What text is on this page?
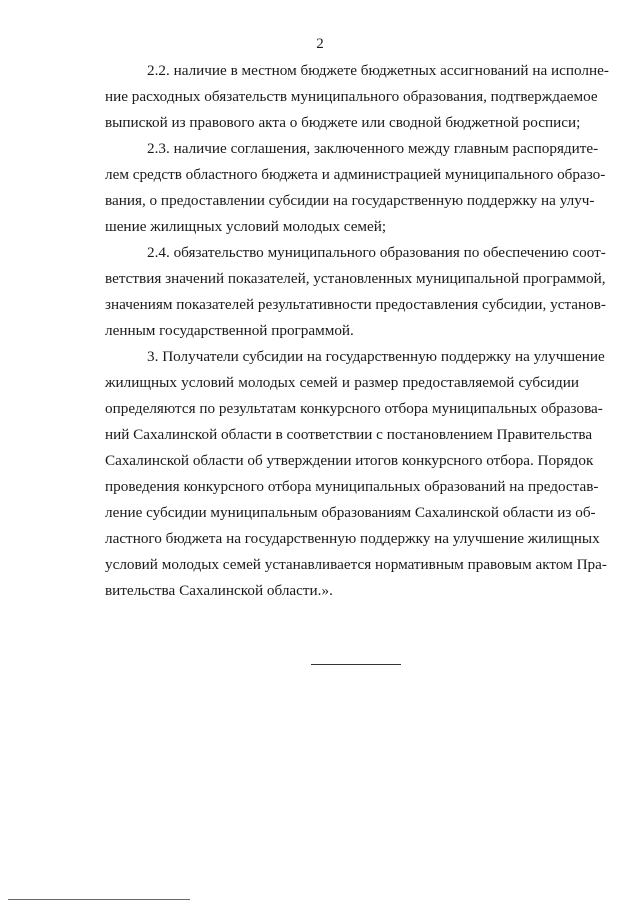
2
2.2. наличие в местном бюджете бюджетных ассигнований на исполне-
ние расходных обязательств муниципального образования, подтверждаемое
выпиской из правового акта о бюджете или сводной бюджетной росписи;
2.3. наличие соглашения, заключенного между главным распорядите-
лем средств областного бюджета и администрацией муниципального образо-
вания, о предоставлении субсидии на государственную поддержку на улуч-
шение жилищных условий молодых семей;
2.4. обязательство муниципального образования по обеспечению соот-
ветствия значений показателей, установленных муниципальной программой,
значениям показателей результативности предоставления субсидии, установ-
ленным государственной программой.
3. Получатели субсидии на государственную поддержку на улучшение
жилищных условий молодых семей и размер предоставляемой субсидии
определяются по результатам конкурсного отбора муниципальных образова-
ний Сахалинской области в соответствии с постановлением Правительства
Сахалинской области об утверждении итогов конкурсного отбора. Порядок
проведения конкурсного отбора муниципальных образований на предостав-
ление субсидии муниципальным образованиям Сахалинской области из об-
ластного бюджета на государственную поддержку на улучшение жилищных
условий молодых семей устанавливается нормативным правовым актом Пра-
вительства Сахалинской области.».
